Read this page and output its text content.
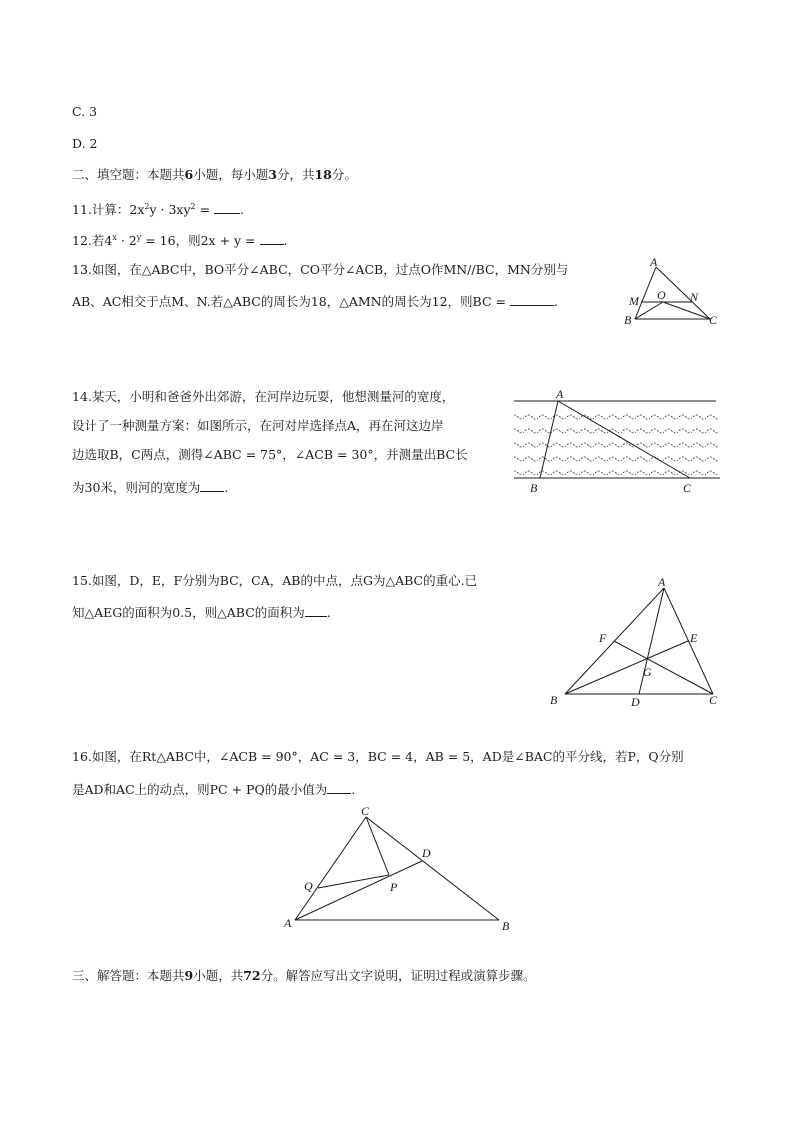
C. 3
D. 2
二、填空题：本题共6小题，每小题3分，共18分。
11.计算：$2x^2y \cdot 3xy^2$ = .
12.若$4^x \cdot 2^y = 16$，则2x + y = .
13.如图，在△ABC中，BO平分∠ABC，CO平分∠ACB，过点O作MN//BC，MN分别与
AB、AC相交于点M、N.若△ABC的周长为18，△AMN的周长为12，则BC =	.
A
M O N
B	C
14.某天，小明和爸爸外出郊游，在河岸边玩耍，他想测量河的宽度，
设计了一种测量方案：如图所示，在河对岸选择点A，再在河这边岸
边选取B，C两点，测得∠ABC = 75°，∠ACB = 30°，并测量出BC长
为30米，则河的宽度为 .
A
B	C
15.如图，D，E，F分别为BC，CA，AB的中点，点G为△ABC的重心.已
知△AEG的面积为0.5，则△ABC的面积为 .
A
F	E
G
B	D	C
16.如图，在Rt△ABC中，∠ACB = 90°，AC = 3，BC = 4，AB = 5，AD是∠BAC的平分线，若P，Q分别
是AD和AC上的动点，则PC + PQ的最小值为 .
C
D
Q	P
A	B
三、解答题：本题共9小题，共72分。解答应写出文字说明，证明过程或演算步骤。
